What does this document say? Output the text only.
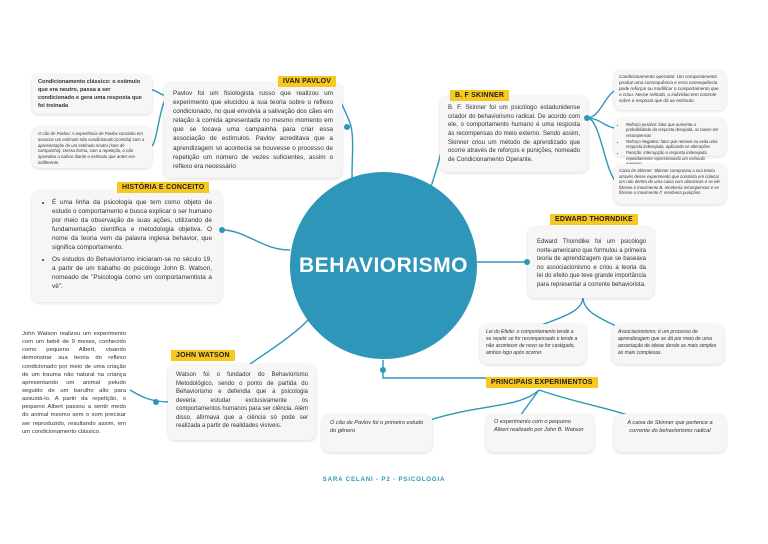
BEHAVIORISMO
Pavlov foi um fisiologista russo que realizou um experimento que elucidou a sua teoria sobre o reflexo condicionado, no qual envolvia a salivação dos cães em relação à comida apresentada no mesmo momento em que se tocava uma campainha para criar essa associação de estímulos. Pavlov acreditava que a aprendizagem só acontecia se houvesse o processo de repetição um número de vezes suficientes, assim o reflexo era necessário
IVAN PAVLOV
Condicionamento clássico: o estímulo que era neutro, passa a ser condicionado e gera uma resposta que foi treinada
O cão de Pavlov: A experiência de Pavlov consistiu em associar um estímulo não condicionado (comida) com a apresentação de um estímulo neutro (som de campainha). Dessa forma, com a repetição, o cão aprendeu a salivar diante o estímulo que antes era indiferente.
• É uma linha da psicologia que tem como objeto de estudo o comportamento e busca explicar o ser humano por meio da observação de suas ações, utilizando de fundamentação científica e metodologia objetiva. O nome da teoria vem da palavra inglesa behavior, que significa comportamento.
• Os estudos do Behaviorismo iniciaram-se no século 19, a partir de um trabalho do psicólogo John B. Watson, nomeado de "Psicologia como um comportamentista a vê".
HISTÓRIA E CONCEITO
B. F. Skinner foi um psicólogo estadunidense criador do behaviorismo radical. De acordo com ele, o comportamento humano é uma resposta às recompensas do meio externo. Sendo assim, Skinner criou um método de aprendizado que ocorre através de reforços e punições, nomeado de Condicionamento Operante.
B. F SKINNER
Condicionamento operante: Um comportamento produz uma consequência e essa consequência pode reforçar ou modificar o comportamento que o criou. Nesse método, o indivíduo tem controle sobre a resposta que dá ao estímulo.
• Reforço positivo: fator que aumenta a probabilidade da resposta desejada, as bases em recompensas
• Reforço Negativo: fator que remove ou evita uma resposta indesejada, aplicando-se alterações
• Punição: interrupção a resposta indesejada, repetidamente representando um estímulo
Caixa de Skinner: Skinner comprovou a sua teoria através desse experimento que consistia em colocar um rato dentro de uma caixa com alavancas e se ele fizesse o movimento B, receberia recompensas e se fizesse o movimento F, receberia punições.
Edward Thorndike foi um psicólogo norte-americano que formulou a primeira teoria de aprendizagem que se baseava no associacionismo e criou a teoria da lei do efeito que teve grande importância para representar a corrente behaviorista.
EDWARD THORNDIKE
Lei do Efeito: o comportamento tende a se repetir se for recompensado e tende a não acontecer de novo se for castigado, ambos logo após ocorrer.
Associacionismo: é um processo de aprendizagem que se dá por meio de uma associação de ideias desde as mais simples às mais complexas.
Watson foi o fundador do Behaviorismo Metodológico, sendo o ponto de partida do Behaviorismo e defendia que a psicologia deveria estudar exclusivamente os comportamentos humanos para ser ciência. Além disso, afirmava que a ciência só pode ser realizada a partir de realidades visíveis.
JOHN WATSON
John Watson realizou um experimento com um bebê de 9 meses, conhecido como pequeno Albert, visando demonstrar sua teoria do reflexo condicionado por meio de uma criação de um trauma não natural na criança apresentando um animal peludo seguido de um barulho alto para assustá-lo. A partir da repetição, o pequeno Albert passou a sentir medo do animal mesmo sem o som precisar ser reproduzido, resultando assim, em um condicionamento clássico.
PRINCIPAIS EXPERIMENTOS
O cão de Pavlov foi o primeiro estudo do gênero
O experimento com o pequeno Albert realizado por John B. Watson
A caixa de Skinner que pertence a corrente do behaviorismo radical
SARA CELANI - P2 - PSICOLOGIA
